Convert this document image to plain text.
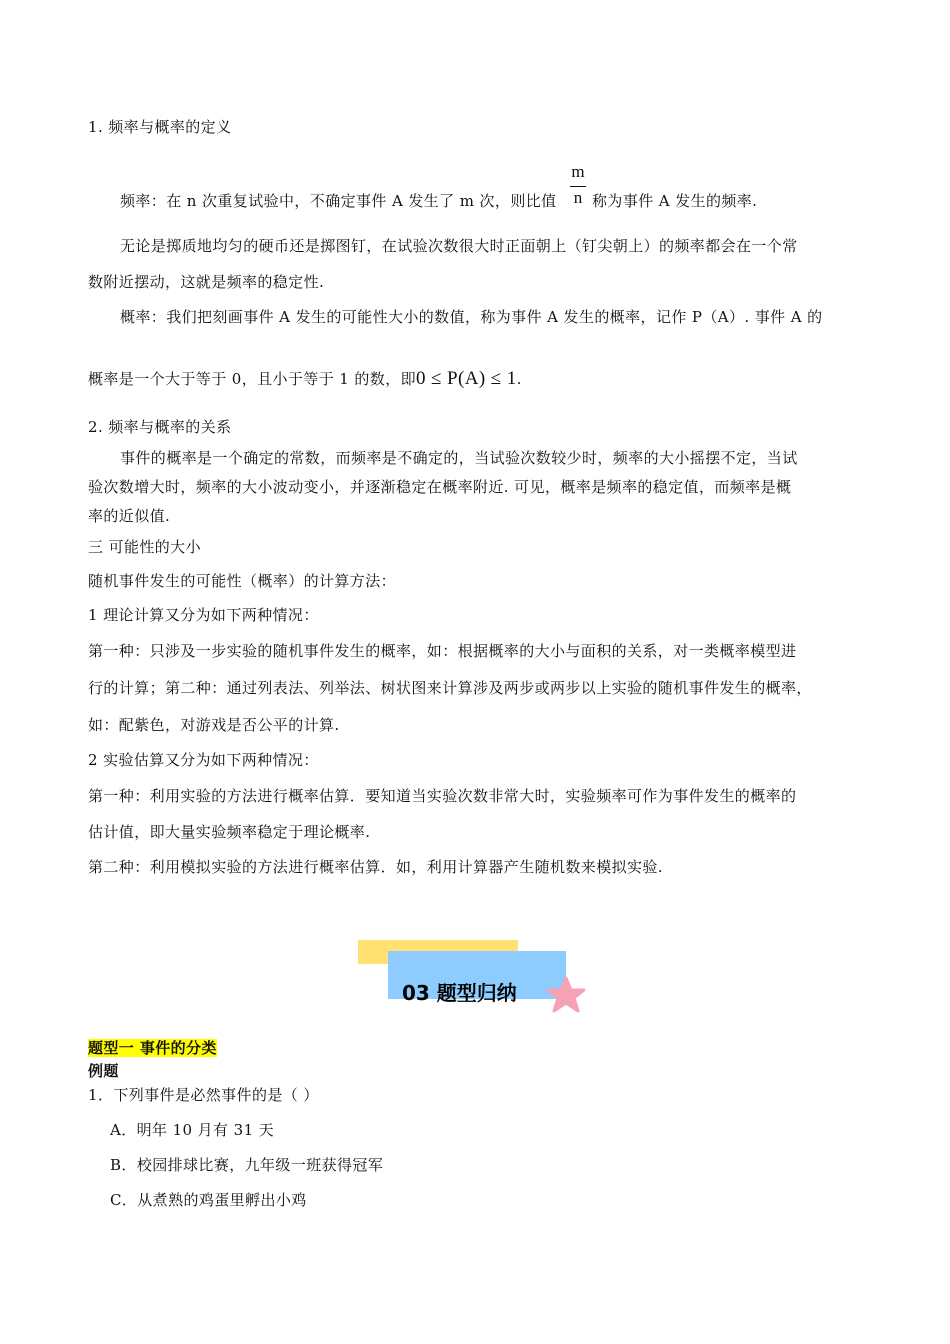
1. 频率与概率的定义
m
n
频率：在 n 次重复试验中，不确定事件 A 发生了 m 次，则比值 称为事件 A 发生的频率.
无论是掷质地均匀的硬币还是掷图钉，在试验次数很大时正面朝上（钉尖朝上）的频率都会在一个常
数附近摆动，这就是频率的稳定性.
概率：我们把刻画事件 A 发生的可能性大小的数值，称为事件 A 发生的概率，记作 P（A）. 事件 A 的
概率是一个大于等于 0，且小于等于 1 的数，即0 ≤ P(A) ≤ 1.
2. 频率与概率的关系
事件的概率是一个确定的常数，而频率是不确定的，当试验次数较少时，频率的大小摇摆不定，当试
验次数增大时，频率的大小波动变小，并逐渐稳定在概率附近. 可见，概率是频率的稳定值，而频率是概
率的近似值.
三 可能性的大小
随机事件发生的可能性（概率）的计算方法：
1 理论计算又分为如下两种情况：
第一种：只涉及一步实验的随机事件发生的概率，如：根据概率的大小与面积的关系，对一类概率模型进
行的计算；第二种：通过列表法、列举法、树状图来计算涉及两步或两步以上实验的随机事件发生的概率，
如：配紫色，对游戏是否公平的计算.
2 实验估算又分为如下两种情况：
第一种：利用实验的方法进行概率估算．要知道当实验次数非常大时，实验频率可作为事件发生的概率的
估计值，即大量实验频率稳定于理论概率.
第二种：利用模拟实验的方法进行概率估算．如，利用计算器产生随机数来模拟实验.
03 题型归纳
题型一 事件的分类
例题
1．下列事件是必然事件的是（ ）
A．明年 10 月有 31 天
B．校园排球比赛，九年级一班获得冠军
C．从煮熟的鸡蛋里孵出小鸡
